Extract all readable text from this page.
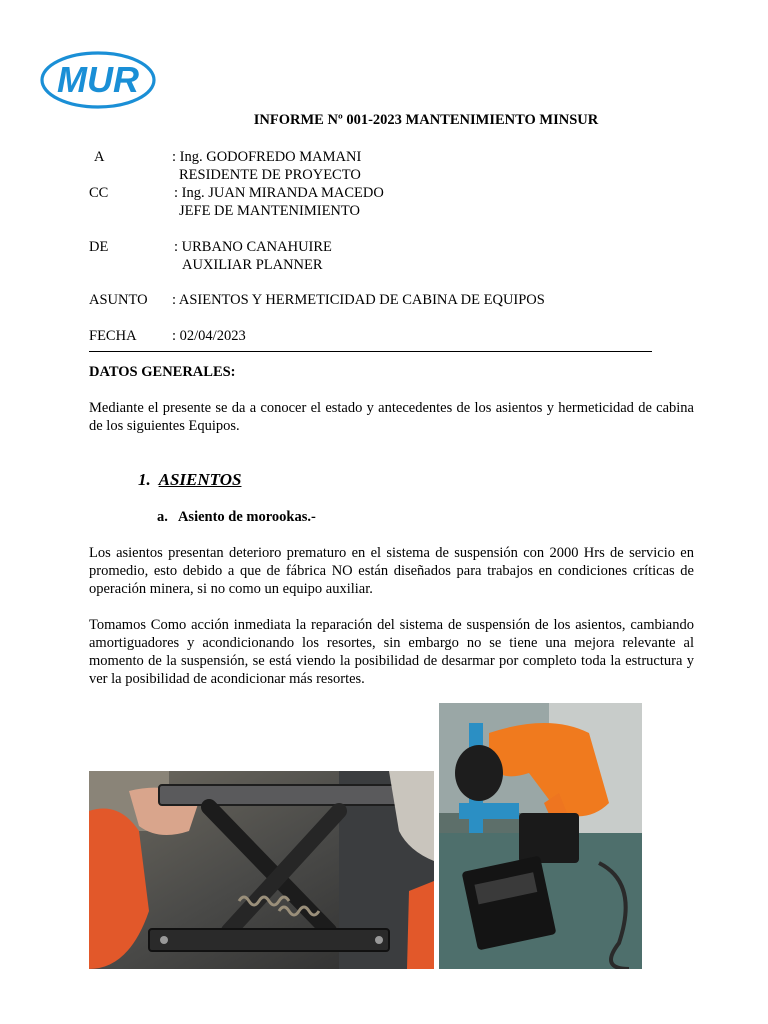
MUR
INFORME Nº 001-2023 MANTENIMIENTO MINSUR
A	: Ing. GODOFREDO MAMANI
RESIDENTE DE PROYECTO
CC	: Ing. JUAN MIRANDA MACEDO
JEFE DE MANTENIMIENTO
DE	: URBANO CANAHUIRE
AUXILIAR PLANNER
ASUNTO : ASIENTOS Y HERMETICIDAD DE CABINA DE EQUIPOS
FECHA : 02/04/2023
DATOS GENERALES:

Mediante el presente se da a conocer el estado y antecedentes de los asientos y hermeticidad de cabina de los siguientes Equipos.

1. ASIENTOS
a. Asiento de morookas.-

Los asientos presentan deterioro prematuro en el sistema de suspensión con 2000 Hrs de servicio en promedio, esto debido a que de fábrica NO están diseñados para trabajos en condiciones críticas de operación minera, si no como un equipo auxiliar.

Tomamos Como acción inmediata la reparación del sistema de suspensión de los asientos, cambiando amortiguadores y acondicionando los resortes, sin embargo no se tiene una mejora relevante al momento de la suspensión, se está viendo la posibilidad de desarmar por completo toda la estructura y ver la posibilidad de acondicionar más resortes.
